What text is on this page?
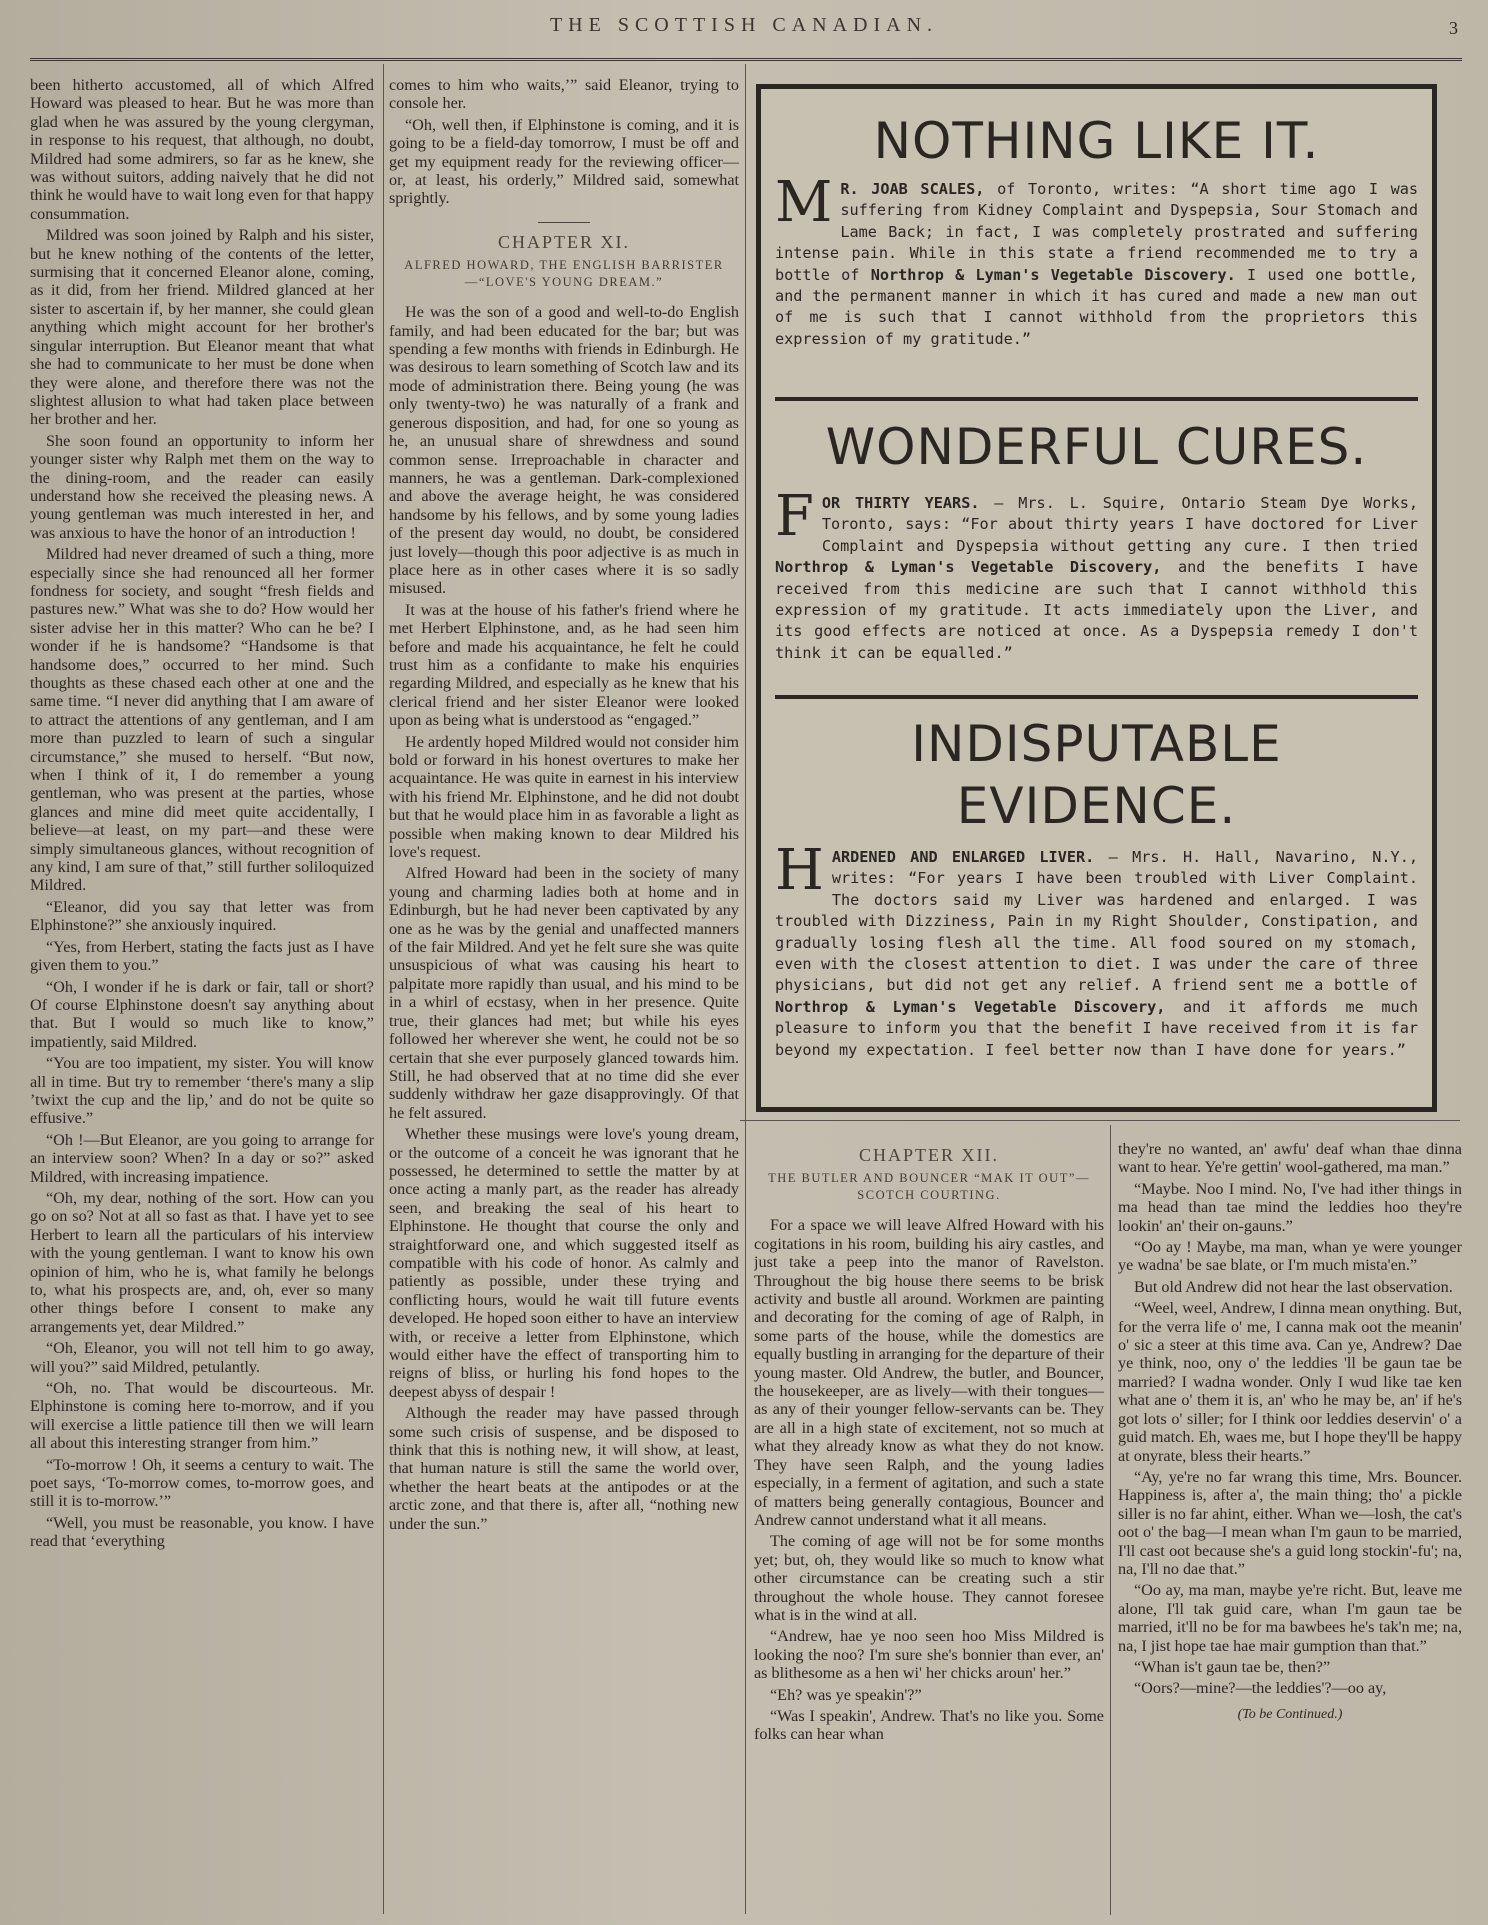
THE SCOTTISH CANADIAN.	3

been hitherto accustomed, all of which Alfred Howard was pleased to hear. But he was more than glad when he was assured by the young clergyman, in response to his request, that although, no doubt, Mildred had some admirers, so far as he knew, she was without suitors, adding naively that he did not think he would have to wait long even for that happy consummation.

Mildred was soon joined by Ralph and his sister, but he knew nothing of the contents of the letter, surmising that it concerned Eleanor alone, coming, as it did, from her friend. Mildred glanced at her sister to ascertain if, by her manner, she could glean anything which might account for her brother's singular interruption. But Eleanor meant that what she had to communicate to her must be done when they were alone, and therefore there was not the slightest allusion to what had taken place between her brother and her.

She soon found an opportunity to inform her younger sister why Ralph met them on the way to the dining-room, and the reader can easily understand how she received the pleasing news. A young gentleman was much interested in her, and was anxious to have the honor of an introduction !

Mildred had never dreamed of such a thing, more especially since she had renounced all her former fondness for society, and sought “fresh fields and pastures new.” What was she to do? How would her sister advise her in this matter? Who can he be? I wonder if he is handsome? “Handsome is that handsome does,” occurred to her mind. Such thoughts as these chased each other at one and the same time. “I never did anything that I am aware of to attract the attentions of any gentleman, and I am more than puzzled to learn of such a singular circumstance,” she mused to herself. “But now, when I think of it, I do remember a young gentleman, who was present at the parties, whose glances and mine did meet quite accidentally, I believe—at least, on my part—and these were simply simultaneous glances, without recognition of any kind, I am sure of that,” still further soliloquized Mildred.

“Eleanor, did you say that letter was from Elphinstone?” she anxiously inquired.

“Yes, from Herbert, stating the facts just as I have given them to you.”

“Oh, I wonder if he is dark or fair, tall or short? Of course Elphinstone doesn't say anything about that. But I would so much like to know,” impatiently, said Mildred.

“You are too impatient, my sister. You will know all in time. But try to remember ‘there's many a slip ’twixt the cup and the lip,’ and do not be quite so effusive.”

“Oh !—But Eleanor, are you going to arrange for an interview soon? When? In a day or so?” asked Mildred, with increasing impatience.

“Oh, my dear, nothing of the sort. How can you go on so? Not at all so fast as that. I have yet to see Herbert to learn all the particulars of his interview with the young gentleman. I want to know his own opinion of him, who he is, what family he belongs to, what his prospects are, and, oh, ever so many other things before I consent to make any arrangements yet, dear Mildred.”

“Oh, Eleanor, you will not tell him to go away, will you?” said Mildred, petulantly.

“Oh, no. That would be discourteous. Mr. Elphinstone is coming here to-morrow, and if you will exercise a little patience till then we will learn all about this interesting stranger from him.”

“To-morrow ! Oh, it seems a century to wait. The poet says, ‘To-morrow comes, to-morrow goes, and still it is to-morrow.’”

“Well, you must be reasonable, you know. I have read that ‘everything

comes to him who waits,’” said Eleanor, trying to console her.

“Oh, well then, if Elphinstone is coming, and it is going to be a field-day tomorrow, I must be off and get my equipment ready for the reviewing officer—or, at least, his orderly,” Mildred said, somewhat sprightly.

CHAPTER XI.
ALFRED HOWARD, THE ENGLISH BARRISTER—“LOVE'S YOUNG DREAM.”

He was the son of a good and well-to-do English family, and had been educated for the bar; but was spending a few months with friends in Edinburgh. He was desirous to learn something of Scotch law and its mode of administration there. Being young (he was only twenty-two) he was naturally of a frank and generous disposition, and had, for one so young as he, an unusual share of shrewdness and sound common sense. Irreproachable in character and manners, he was a gentleman. Dark-complexioned and above the average height, he was considered handsome by his fellows, and by some young ladies of the present day would, no doubt, be considered just lovely—though this poor adjective is as much in place here as in other cases where it is so sadly misused.

It was at the house of his father's friend where he met Herbert Elphinstone, and, as he had seen him before and made his acquaintance, he felt he could trust him as a confidante to make his enquiries regarding Mildred, and especially as he knew that his clerical friend and her sister Eleanor were looked upon as being what is understood as “engaged.”

He ardently hoped Mildred would not consider him bold or forward in his honest overtures to make her acquaintance. He was quite in earnest in his interview with his friend Mr. Elphinstone, and he did not doubt but that he would place him in as favorable a light as possible when making known to dear Mildred his love's request.

Alfred Howard had been in the society of many young and charming ladies both at home and in Edinburgh, but he had never been captivated by any one as he was by the genial and unaffected manners of the fair Mildred. And yet he felt sure she was quite unsuspicious of what was causing his heart to palpitate more rapidly than usual, and his mind to be in a whirl of ecstasy, when in her presence. Quite true, their glances had met; but while his eyes followed her wherever she went, he could not be so certain that she ever purposely glanced towards him. Still, he had observed that at no time did she ever suddenly withdraw her gaze disapprovingly. Of that he felt assured.

Whether these musings were love's young dream, or the outcome of a conceit he was ignorant that he possessed, he determined to settle the matter by at once acting a manly part, as the reader has already seen, and breaking the seal of his heart to Elphinstone. He thought that course the only and straightforward one, and which suggested itself as compatible with his code of honor. As calmly and patiently as possible, under these trying and conflicting hours, would he wait till future events developed. He hoped soon either to have an interview with, or receive a letter from Elphinstone, which would either have the effect of transporting him to reigns of bliss, or hurling his fond hopes to the deepest abyss of despair !

Although the reader may have passed through some such crisis of suspense, and be disposed to think that this is nothing new, it will show, at least, that human nature is still the same the world over, whether the heart beats at the antipodes or at the arctic zone, and that there is, after all, “nothing new under the sun.”

NOTHING LIKE IT.
M R. JOAB SCALES, of Toronto, writes: “A short time ago I was suffering from Kidney Complaint and Dyspepsia, Sour Stomach and Lame Back; in fact, I was completely prostrated and suffering intense pain. While in this state a friend recommended me to try a bottle of Northrop & Lyman's Vegetable Discovery. I used one bottle, and the permanent manner in which it has cured and made a new man out of me is such that I cannot withhold from the proprietors this expression of my gratitude.”
WONDERFUL CURES.
FOR THIRTY YEARS. — Mrs. L. Squire, Ontario Steam Dye Works, Toronto, says: “For about thirty years I have doctored for Liver Complaint and Dyspepsia without getting any cure. I then tried Northrop & Lyman's Vegetable Discovery, and the benefits I have received from this medicine are such that I cannot withhold this expression of my gratitude. It acts immediately upon the Liver, and its good effects are noticed at once. As a Dyspepsia remedy I don't think it can be equalled.”
INDISPUTABLE
EVIDENCE.
HARDENED AND ENLARGED LIVER. — Mrs. H. Hall, Navarino, N.Y., writes: “For years I have been troubled with Liver Complaint. The doctors said my Liver was hardened and enlarged. I was troubled with Dizziness, Pain in my Right Shoulder, Constipation, and gradually losing flesh all the time. All food soured on my stomach, even with the closest attention to diet. I was under the care of three physicians, but did not get any relief. A friend sent me a bottle of Northrop & Lyman's Vegetable Discovery, and it affords me much pleasure to inform you that the benefit I have received from it is far beyond my expectation. I feel better now than I have done for years.”
CHAPTER XII.
THE BUTLER AND BOUNCER “MAK IT OUT”—SCOTCH COURTING.

For a space we will leave Alfred Howard with his cogitations in his room, building his airy castles, and just take a peep into the manor of Ravelston. Throughout the big house there seems to be brisk activity and bustle all around. Workmen are painting and decorating for the coming of age of Ralph, in some parts of the house, while the domestics are equally bustling in arranging for the departure of their young master. Old Andrew, the butler, and Bouncer, the housekeeper, are as lively—with their tongues—as any of their younger fellow-servants can be. They are all in a high state of excitement, not so much at what they already know as what they do not know. They have seen Ralph, and the young ladies especially, in a ferment of agitation, and such a state of matters being generally contagious, Bouncer and Andrew cannot understand what it all means.

The coming of age will not be for some months yet; but, oh, they would like so much to know what other circumstance can be creating such a stir throughout the whole house. They cannot foresee what is in the wind at all.

“Andrew, hae ye noo seen hoo Miss Mildred is looking the noo? I'm sure she's bonnier than ever, an' as blithesome as a hen wi' her chicks aroun' her.”

“Eh? was ye speakin'?”

“Was I speakin', Andrew. That's no like you. Some folks can hear whan

they're no wanted, an' awfu' deaf whan thae dinna want to hear. Ye're gettin' wool-gathered, ma man.”

“Maybe. Noo I mind. No, I've had ither things in ma head than tae mind the leddies hoo they're lookin' an' their on-gauns.”

“Oo ay ! Maybe, ma man, whan ye were younger ye wadna' be sae blate, or I'm much mista'en.”

But old Andrew did not hear the last observation.

“Weel, weel, Andrew, I dinna mean onything. But, for the verra life o' me, I canna mak oot the meanin' o' sic a steer at this time ava. Can ye, Andrew? Dae ye think, noo, ony o' the leddies 'll be gaun tae be married? I wadna wonder. Only I wud like tae ken what ane o' them it is, an' who he may be, an' if he's got lots o' siller; for I think oor leddies deservin' o' a guid match. Eh, waes me, but I hope they'll be happy at onyrate, bless their hearts.”

“Ay, ye're no far wrang this time, Mrs. Bouncer. Happiness is, after a', the main thing; tho' a pickle siller is no far ahint, either. Whan we—losh, the cat's oot o' the bag—I mean whan I'm gaun to be married, I'll cast oot because she's a guid long stockin'-fu'; na, na, I'll no dae that.”

“Oo ay, ma man, maybe ye're richt. But, leave me alone, I'll tak guid care, whan I'm gaun tae be married, it'll no be for ma bawbees he's tak'n me; na, na, I jist hope tae hae mair gumption than that.”

“Whan is't gaun tae be, then?”

“Oors?—mine?—the leddies'?—oo ay,

(To be Continued.)
